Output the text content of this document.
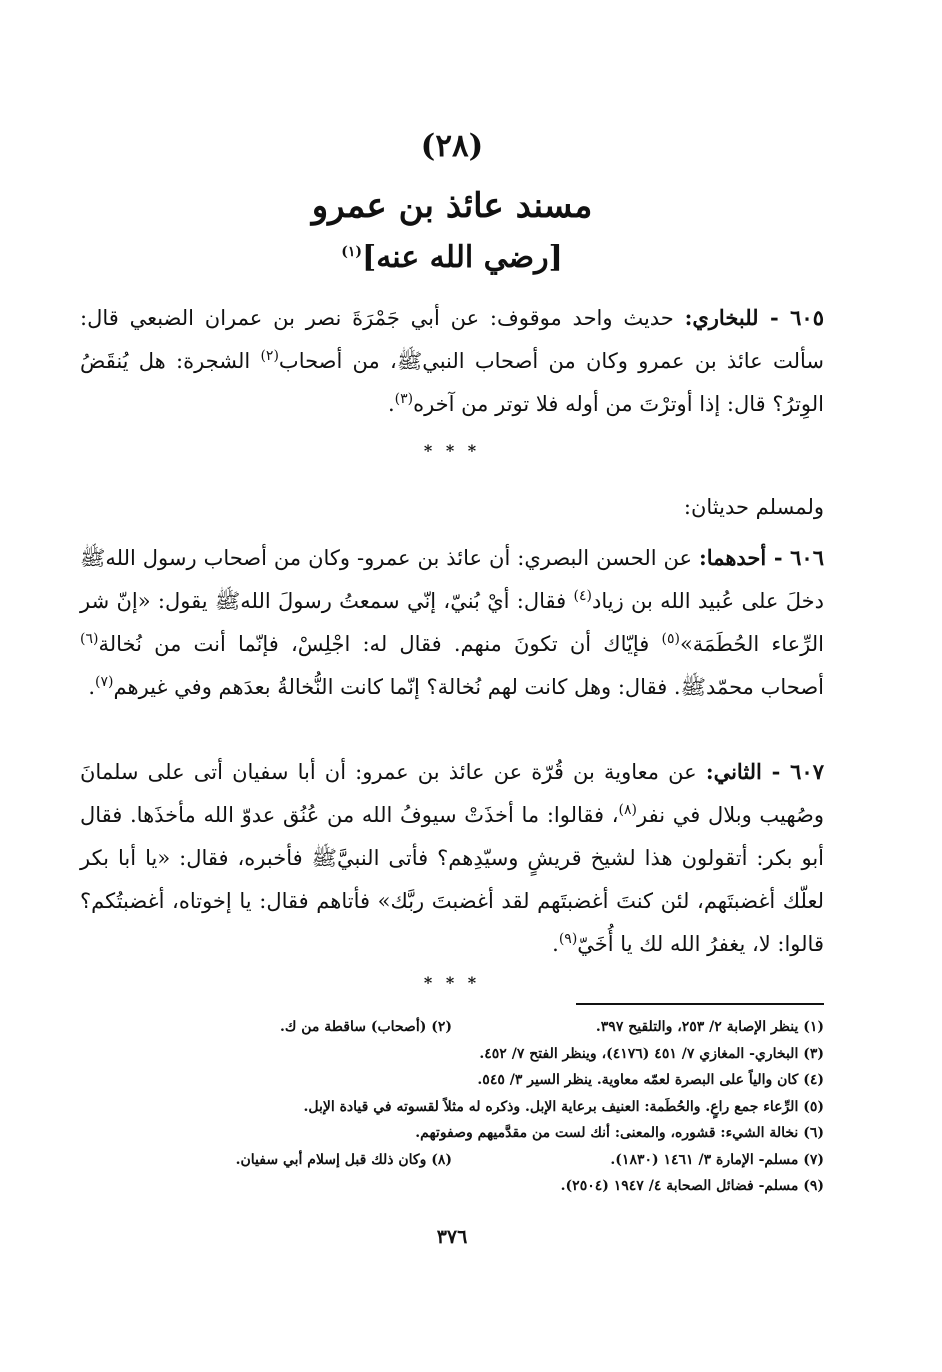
(٢٨)
مسند عائذ بن عمرو
[رضي الله عنه]$^{(١)}$

٦٠٥ - للبخاري: حديث واحد موقوف: عن أبي جَمْرَةَ نصر بن عمران الضبعي قال: سألت عائذ بن عمرو وكان من أصحاب النبيﷺ، من أصحاب$^{(٢)}$ الشجرة: هل يُنقَضُ الوِترُ؟ قال: إذا أوترْتَ من أوله فلا توتر من آخره$^{(٣)}$.

* * *
ولمسلم حديثان:

٦٠٦ - أحدهما: عن الحسن البصري: أن عائذ بن عمرو- وكان من أصحاب رسول اللهﷺ دخلَ على عُبيد الله بن زياد$^{(٤)}$ فقال: أيْ بُنيّ، إنّي سمعتُ رسولَ اللهﷺ يقول: «إنّ شر الرِّعاء الحُطَمَة»$^{(٥)}$ فإيّاك أن تكونَ منهم. فقال له: اجْلِسْ، فإنّما أنت من نُخالة$^{(٦)}$ أصحاب محمّدﷺ. فقال: وهل كانت لهم نُخالة؟ إنّما كانت النُّخالةُ بعدَهم وفي غيرهم$^{(٧)}$.

٦٠٧ - الثاني: عن معاوية بن قُرّة عن عائذ بن عمرو: أن أبا سفيان أتى على سلمانَ وصُهيب وبلال في نفر$^{(٨)}$، فقالوا: ما أخذَتْ سيوفُ الله من عُنُق عدوّ الله مأخذَها. فقال أبو بكر: أتقولون هذا لشيخ قريشٍ وسيّدِهم؟ فأتى النبيَّﷺ فأخبره، فقال: «يا أبا بكر لعلّك أغضبتَهم، لئن كنتَ أغضبتَهم لقد أغضبتَ ربَّك» فأتاهم فقال: يا إخوتاه، أغضبتُكم؟ قالوا: لا، يغفرُ الله لك يا أُخَيّ$^{(٩)}$.

* * *
(١) ينظر الإصابة ٢/ ٢٥٣، والتلقيح ٣٩٧.
(٢) (أصحاب) ساقطة من ك.
(٣) البخاري- المغازي ٧/ ٤٥١ (٤١٧٦)، وينظر الفتح ٧/ ٤٥٢.
(٤) كان والياً على البصرة لعمّه معاوية. ينظر السير ٣/ ٥٤٥.
(٥) الرِّعاء جمع راعٍ. والحُطَمة: العنيف برعاية الإبل. وذكره له مثلاً لقسوته في قيادة الإبل.
(٦) نخالة الشيء: قشوره، والمعنى: أنك لست من مقدَّميهم وصفوتهم.
(٧) مسلم- الإمارة ٣/ ١٤٦١ (١٨٣٠).
(٨) وكان ذلك قبل إسلام أبي سفيان.
(٩) مسلم- فضائل الصحابة ٤/ ١٩٤٧ (٢٥٠٤).
٣٧٦
